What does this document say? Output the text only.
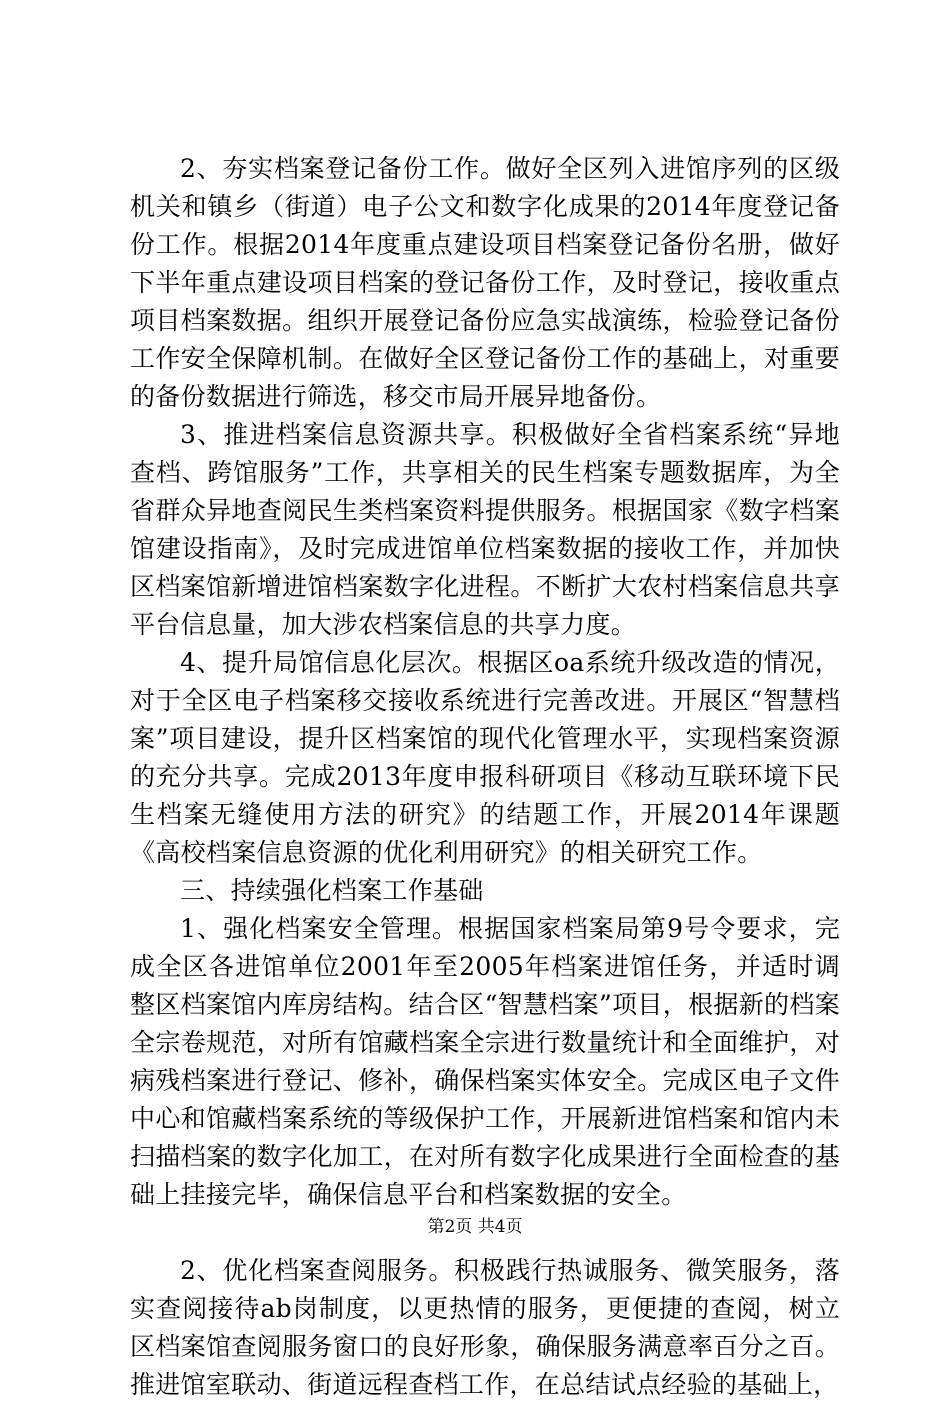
2、夯实档案登记备份工作。做好全区列入进馆序列的区级机关和镇乡（街道）电子公文和数字化成果的2014年度登记备份工作。根据2014年度重点建设项目档案登记备份名册，做好下半年重点建设项目档案的登记备份工作，及时登记，接收重点项目档案数据。组织开展登记备份应急实战演练，检验登记备份工作安全保障机制。在做好全区登记备份工作的基础上，对重要的备份数据进行筛选，移交市局开展异地备份。

3、推进档案信息资源共享。积极做好全省档案系统“异地查档、跨馆服务”工作，共享相关的民生档案专题数据库，为全省群众异地查阅民生类档案资料提供服务。根据国家《数字档案馆建设指南》，及时完成进馆单位档案数据的接收工作，并加快区档案馆新增进馆档案数字化进程。不断扩大农村档案信息共享平台信息量，加大涉农档案信息的共享力度。

4、提升局馆信息化层次。根据区oa系统升级改造的情况，对于全区电子档案移交接收系统进行完善改进。开展区“智慧档案”项目建设，提升区档案馆的现代化管理水平，实现档案资源的充分共享。完成2013年度申报科研项目《移动互联环境下民生档案无缝使用方法的研究》的结题工作，开展2014年课题《高校档案信息资源的优化利用研究》的相关研究工作。

三、持续强化档案工作基础

1、强化档案安全管理。根据国家档案局第9号令要求，完成全区各进馆单位2001年至2005年档案进馆任务，并适时调整区档案馆内库房结构。结合区“智慧档案”项目，根据新的档案全宗卷规范，对所有馆藏档案全宗进行数量统计和全面维护，对病残档案进行登记、修补，确保档案实体安全。完成区电子文件中心和馆藏档案系统的等级保护工作，开展新进馆档案和馆内未扫描档案的数字化加工，在对所有数字化成果进行全面检查的基础上挂接完毕，确保信息平台和档案数据的安全。

2、优化档案查阅服务。积极践行热诚服务、微笑服务，落实查阅接待ab岗制度，以更热情的服务，更便捷的查阅，树立区档案馆查阅服务窗口的良好形象，确保服务满意率百分之百。推进馆室联动、街道远程查档工作，在总结试点经验的基础上，

第2页 共4页
